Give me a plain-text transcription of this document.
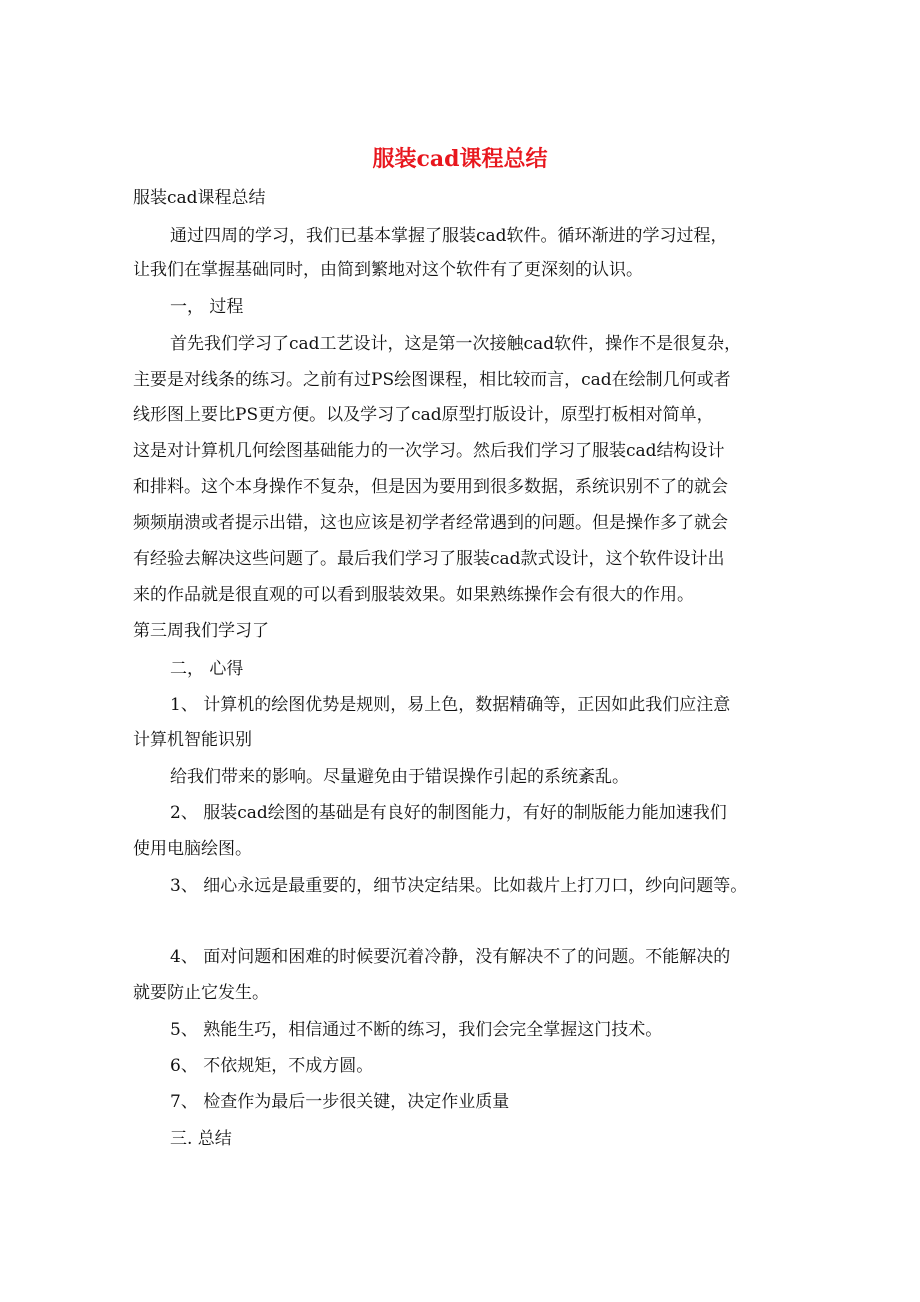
服装cad课程总结
服装cad课程总结
通过四周的学习，我们已基本掌握了服装cad软件。循环渐进的学习过程，
让我们在掌握基础同时，由简到繁地对这个软件有了更深刻的认识。
一， 过程
首先我们学习了cad工艺设计，这是第一次接触cad软件，操作不是很复杂，
主要是对线条的练习。之前有过PS绘图课程，相比较而言，cad在绘制几何或者
线形图上要比PS更方便。以及学习了cad原型打版设计，原型打板相对简单，
这是对计算机几何绘图基础能力的一次学习。然后我们学习了服装cad结构设计
和排料。这个本身操作不复杂，但是因为要用到很多数据，系统识别不了的就会
频频崩溃或者提示出错，这也应该是初学者经常遇到的问题。但是操作多了就会
有经验去解决这些问题了。最后我们学习了服装cad款式设计，这个软件设计出
来的作品就是很直观的可以看到服装效果。如果熟练操作会有很大的作用。
第三周我们学习了
二， 心得
1、 计算机的绘图优势是规则，易上色，数据精确等，正因如此我们应注意
计算机智能识别
给我们带来的影响。尽量避免由于错误操作引起的系统紊乱。
2、 服装cad绘图的基础是有良好的制图能力，有好的制版能力能加速我们
使用电脑绘图。
3、 细心永远是最重要的，细节决定结果。比如裁片上打刀口，纱向问题等。
4、 面对问题和困难的时候要沉着冷静，没有解决不了的问题。不能解决的
就要防止它发生。
5、 熟能生巧，相信通过不断的练习，我们会完全掌握这门技术。
6、 不依规矩，不成方圆。
7、 检查作为最后一步很关键，决定作业质量
三. 总结
